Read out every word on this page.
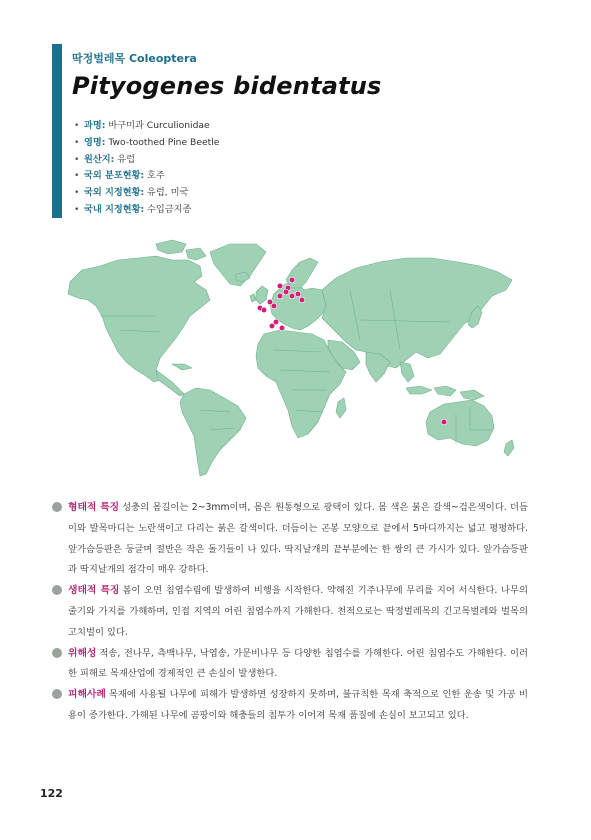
딱정벌레목 Coleoptera
Pityogenes bidentatus
• 과명: 바구미과 Curculionidae
• 영명: Two-toothed Pine Beetle
• 원산지: 유럽
• 국외 분포현황: 호주
• 국외 지정현황: 유럽, 미국
• 국내 지정현황: 수입금지종

형태적 특징 성충의 몸길이는 2~3mm이며, 몸은 원통형으로 광택이 있다. 몸 색은 붉은 갈색~검은색이다. 더듬이와 발목마디는 노란색이고 다리는 붉은 갈색이다. 더듬이는 곤봉 모양으로 끝에서 5마디까지는 넓고 평평하다. 앞가슴등판은 둥글며 절반은 작은 돌기들이 나 있다. 딱지날개의 끝부분에는 한 쌍의 큰 가시가 있다. 앞가슴등판과 딱지날개의 점각이 매우 강하다.

생태적 특징 봄이 오면 침엽수림에 발생하여 비행을 시작한다. 약해진 기주나무에 무리를 지어 서식한다. 나무의 줄기와 가지를 가해하며, 인접 지역의 어린 침엽수까지 가해한다. 천적으로는 딱정벌레목의 긴고목벌레와 벌목의 고치벌이 있다.

위해성 적송, 전나무, 측백나무, 낙엽송, 가문비나무 등 다양한 침엽수를 가해한다. 어린 침엽수도 가해한다. 이러한 피해로 목재산업에 경제적인 큰 손실이 발생한다.

피해사례 목재에 사용될 나무에 피해가 발생하면 성장하지 못하며, 불규칙한 목재 축적으로 인한 운송 및 가공 비용이 증가한다. 가해된 나무에 곰팡이와 해충들의 침투가 이어져 목재 품질에 손실이 보고되고 있다.

122
